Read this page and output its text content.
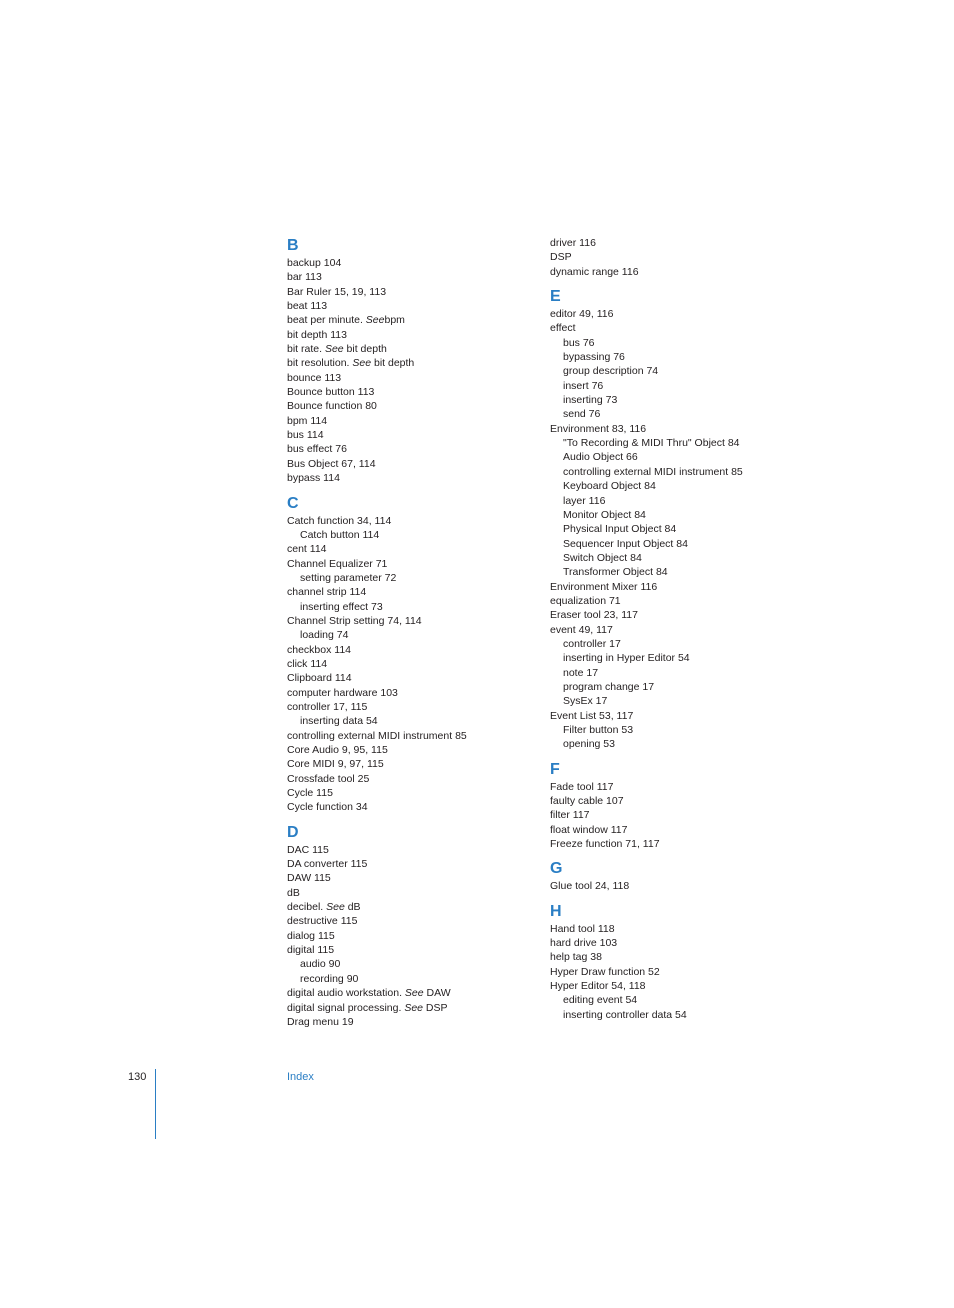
B
backup 104
bar 113
Bar Ruler 15, 19, 113
beat 113
beat per minute. Seebpm
bit depth 113
bit rate. See bit depth
bit resolution. See bit depth
bounce 113
Bounce button 113
Bounce function 80
bpm 114
bus 114
bus effect 76
Bus Object 67, 114
bypass 114
C
Catch function 34, 114
Catch button 114
cent 114
Channel Equalizer 71
setting parameter 72
channel strip 114
inserting effect 73
Channel Strip setting 74, 114
loading 74
checkbox 114
click 114
Clipboard 114
computer hardware 103
controller 17, 115
inserting data 54
controlling external MIDI instrument 85
Core Audio 9, 95, 115
Core MIDI 9, 97, 115
Crossfade tool 25
Cycle 115
Cycle function 34
D
DAC 115
DA converter 115
DAW 115
dB
decibel. See dB
destructive 115
dialog 115
digital 115
audio 90
recording 90
digital audio workstation. See DAW
digital signal processing. See DSP
Drag menu 19
driver 116
DSP
dynamic range 116
E
editor 49, 116
effect
bus 76
bypassing 76
group description 74
insert 76
inserting 73
send 76
Environment 83, 116
"To Recording & MIDI Thru" Object 84
Audio Object 66
controlling external MIDI instrument 85
Keyboard Object 84
layer 116
Monitor Object 84
Physical Input Object 84
Sequencer Input Object 84
Switch Object 84
Transformer Object 84
Environment Mixer 116
equalization 71
Eraser tool 23, 117
event 49, 117
controller 17
inserting in Hyper Editor 54
note 17
program change 17
SysEx 17
Event List 53, 117
Filter button 53
opening 53
F
Fade tool 117
faulty cable 107
filter 117
float window 117
Freeze function 71, 117
G
Glue tool 24, 118
H
Hand tool 118
hard drive 103
help tag 38
Hyper Draw function 52
Hyper Editor 54, 118
editing event 54
inserting controller data 54
130	Index
